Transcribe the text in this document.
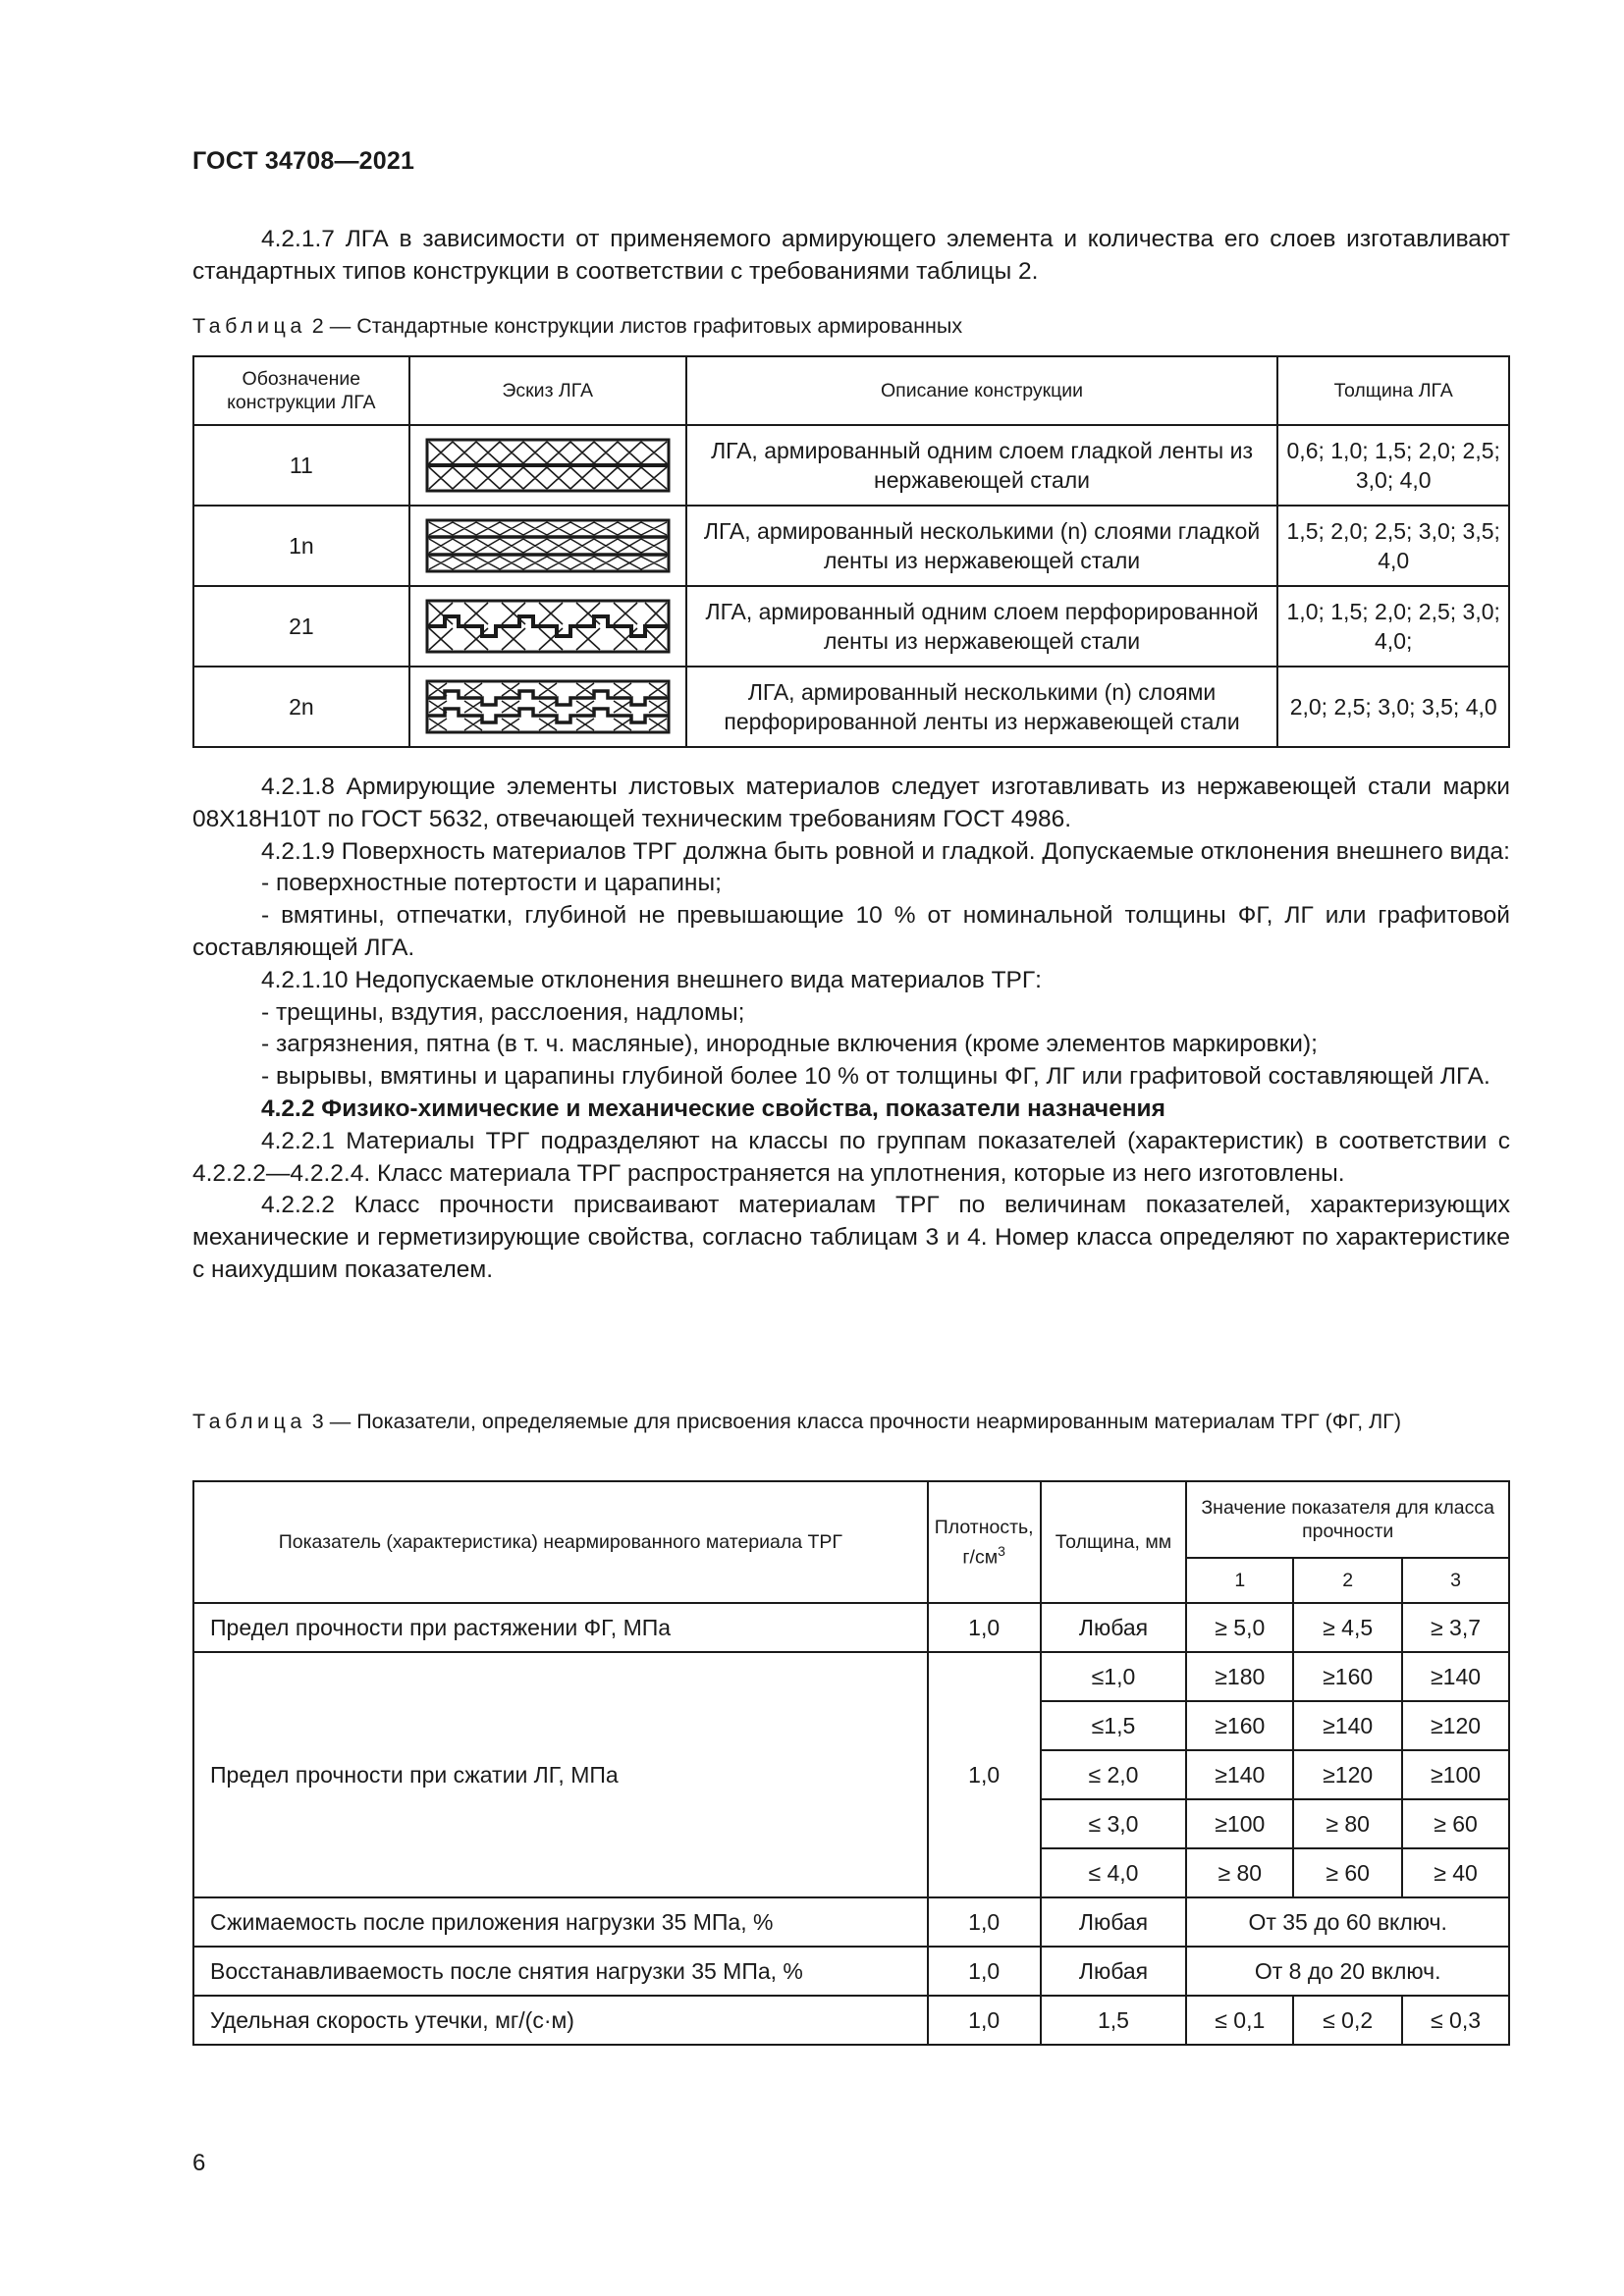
ГОСТ 34708—2021

4.2.1.7 ЛГА в зависимости от применяемого армирующего элемента и количества его слоев изготавливают стандартных типов конструкции в соответствии с требованиями таблицы 2.

Таблица 2 — Стандартные конструкции листов графитовых армированных
Обозначение конструкции ЛГА	Эскиз ЛГА	Описание конструкции	Толщина ЛГА
11		ЛГА, армированный одним слоем гладкой ленты из нержавеющей стали	0,6; 1,0; 1,5; 2,0; 2,5; 3,0; 4,0
1n		ЛГА, армированный несколькими (n) слоями гладкой ленты из нержавеющей стали	1,5; 2,0; 2,5; 3,0; 3,5; 4,0
21		ЛГА, армированный одним слоем перфорированной ленты из нержавеющей стали	1,0; 1,5; 2,0; 2,5; 3,0; 4,0;
2n		ЛГА, армированный несколькими (n) слоями перфорированной ленты из нержавеющей стали	2,0; 2,5; 3,0; 3,5; 4,0

4.2.1.8 Армирующие элементы листовых материалов следует изготавливать из нержавеющей стали марки 08Х18Н10Т по ГОСТ 5632, отвечающей техническим требованиям ГОСТ 4986.

4.2.1.9 Поверхность материалов ТРГ должна быть ровной и гладкой. Допускаемые отклонения внешнего вида:

- поверхностные потертости и царапины;

- вмятины, отпечатки, глубиной не превышающие 10 % от номинальной толщины ФГ, ЛГ или графитовой составляющей ЛГА.

4.2.1.10 Недопускаемые отклонения внешнего вида материалов ТРГ:

- трещины, вздутия, расслоения, надломы;

- загрязнения, пятна (в т. ч. масляные), инородные включения (кроме элементов маркировки);

- вырывы, вмятины и царапины глубиной более 10 % от толщины ФГ, ЛГ или графитовой составляющей ЛГА.

4.2.2 Физико-химические и механические свойства, показатели назначения

4.2.2.1 Материалы ТРГ подразделяют на классы по группам показателей (характеристик) в соответствии с 4.2.2.2—4.2.2.4. Класс материала ТРГ распространяется на уплотнения, которые из него изготовлены.

4.2.2.2 Класс прочности присваивают материалам ТРГ по величинам показателей, характеризующих механические и герметизирующие свойства, согласно таблицам 3 и 4. Номер класса определяют по характеристике с наихудшим показателем.

Таблица 3 — Показатели, определяемые для присвоения класса прочности неармированным материалам ТРГ (ФГ, ЛГ)
Показатель (характеристика) неармированного материала ТРГ	Плотность, $г/см^3$	Толщина, мм	Значение показателя для класса прочности		
			1	2	3
Предел прочности при растяжении ФГ, МПа	1,0	Любая	≥ 5,0	≥ 4,5	≥ 3,7
Предел прочности при сжатии ЛГ, МПа	1,0	≤1,0	≥180	≥160	≥140
		≤1,5	≥160	≥140	≥120
		≤ 2,0	≥140	≥120	≥100
		≤ 3,0	≥100	≥ 80	≥ 60
		≤ 4,0	≥ 80	≥ 60	≥ 40
Сжимаемость после приложения нагрузки 35 МПа, %	1,0	Любая	От 35 до 60 включ.		
Восстанавливаемость после снятия нагрузки 35 МПа, %	1,0	Любая	От 8 до 20 включ.		
Удельная скорость утечки, мг/(с·м)	1,0	1,5	≤ 0,1	≤ 0,2	≤ 0,3
6
